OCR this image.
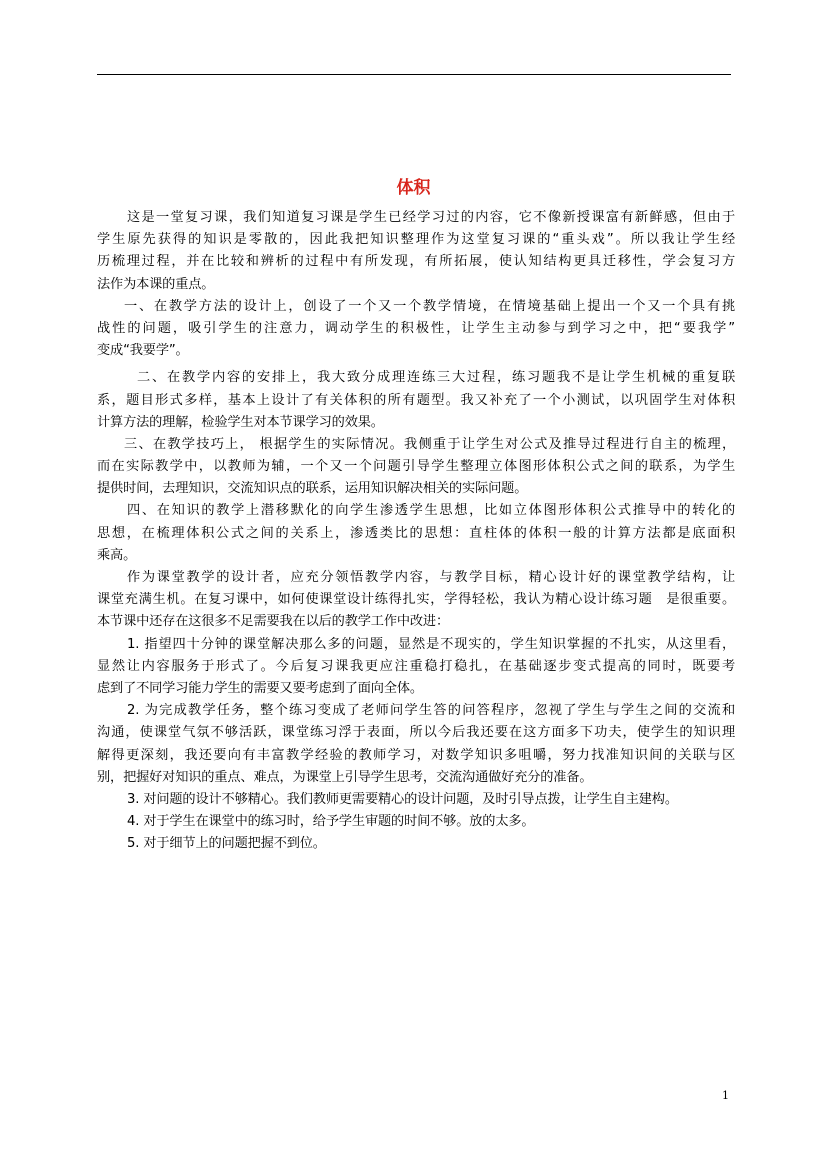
体积
这是一堂复习课，我们知道复习课是学生已经学习过的内容，它不像新授课富有新鲜感，但由于
学生原先获得的知识是零散的，因此我把知识整理作为这堂复习课的“重头戏”。所以我让学生经
历梳理过程，并在比较和辨析的过程中有所发现，有所拓展，使认知结构更具迁移性，学会复习方
法作为本课的重点。
一、在教学方法的设计上，创设了一个又一个教学情境，在情境基础上提出一个又一个具有挑
战性的问题，吸引学生的注意力，调动学生的积极性，让学生主动参与到学习之中，把“要我学”
变成“我要学”。
二、在教学内容的安排上，我大致分成理连练三大过程，练习题我不是让学生机械的重复联
系，题目形式多样，基本上设计了有关体积的所有题型。我又补充了一个小测试，以巩固学生对体积
计算方法的理解，检验学生对本节课学习的效果。
三、在教学技巧上， 根据学生的实际情况。我侧重于让学生对公式及推导过程进行自主的梳理，
而在实际教学中，以教师为辅，一个又一个问题引导学生整理立体图形体积公式之间的联系，为学生
提供时间，去理知识，交流知识点的联系，运用知识解决相关的实际问题。
四、在知识的教学上潜移默化的向学生渗透学生思想，比如立体图形体积公式推导中的转化的
思想，在梳理体积公式之间的关系上，渗透类比的思想：直柱体的体积一般的计算方法都是底面积
乘高。
作为课堂教学的设计者，应充分领悟教学内容，与教学目标，精心设计好的课堂教学结构，让
课堂充满生机。在复习课中，如何使课堂设计练得扎实，学得轻松，我认为精心设计练习题　是很重要。
本节课中还存在这很多不足需要我在以后的教学工作中改进：
1. 指望四十分钟的课堂解决那么多的问题，显然是不现实的，学生知识掌握的不扎实，从这里看，
显然让内容服务于形式了。今后复习课我更应注重稳打稳扎，在基础逐步变式提高的同时，既要考
虑到了不同学习能力学生的需要又要考虑到了面向全体。
2. 为完成教学任务，整个练习变成了老师问学生答的问答程序，忽视了学生与学生之间的交流和
沟通，使课堂气氛不够活跃，课堂练习浮于表面，所以今后我还要在这方面多下功夫，使学生的知识理
解得更深刻，我还要向有丰富教学经验的教师学习，对数学知识多咀嚼，努力找准知识间的关联与区
别，把握好对知识的重点、难点，为课堂上引导学生思考，交流沟通做好充分的准备。
3. 对问题的设计不够精心。我们教师更需要精心的设计问题，及时引导点拨，让学生自主建构。
4. 对于学生在课堂中的练习时，给予学生审题的时间不够。放的太多。
5. 对于细节上的问题把握不到位。
1
